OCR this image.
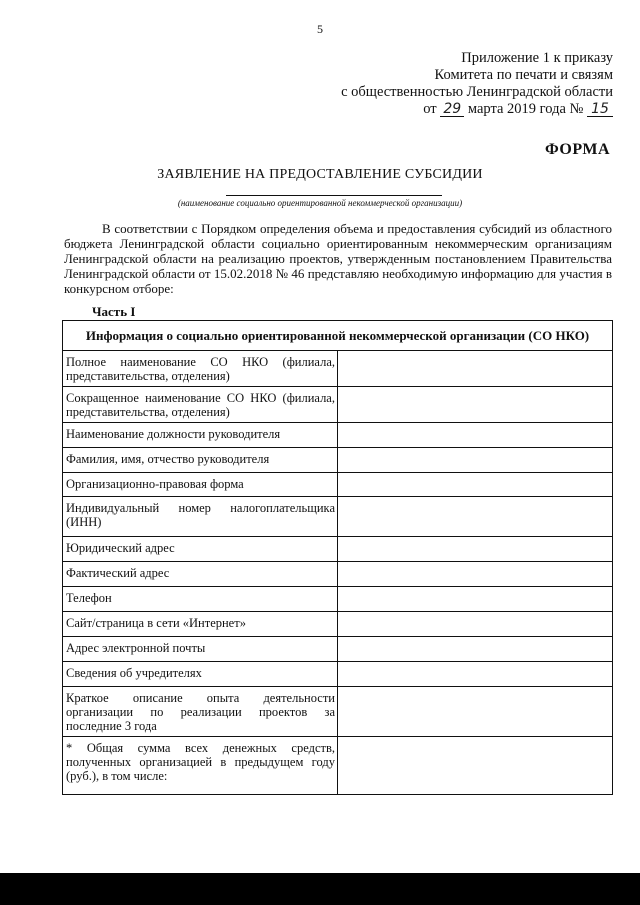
5
Приложение 1 к приказу
Комитета по печати и связям
с общественностью Ленинградской области
от 29 марта 2019 года № 15
ФОРМА
ЗАЯВЛЕНИЕ НА ПРЕДОСТАВЛЕНИЕ СУБСИДИИ
(наименование социально ориентированной некоммерческой организации)
В соответствии с Порядком определения объема и предоставления субсидий из областного бюджета Ленинградской области социально ориентированным некоммерческим организациям Ленинградской области на реализацию проектов, утвержденным постановлением Правительства Ленинградской области от 15.02.2018 № 46 представляю необходимую информацию для участия в конкурсном отборе:
Часть I
Информация о социально ориентированной некоммерческой организации (СО НКО)	
Полное наименование СО НКО (филиала, представительства, отделения)	
Сокращенное наименование СО НКО (филиала, представительства, отделения)	
Наименование должности руководителя	
Фамилия, имя, отчество руководителя	
Организационно-правовая форма	
Индивидуальный номер налогоплательщика (ИНН)	
Юридический адрес	
Фактический адрес	
Телефон	
Сайт/страница в сети «Интернет»	
Адрес электронной почты	
Сведения об учредителях	
Краткое описание опыта деятельности организации по реализации проектов за последние 3 года	
* Общая сумма всех денежных средств, полученных организацией в предыдущем году (руб.), в том числе:	
